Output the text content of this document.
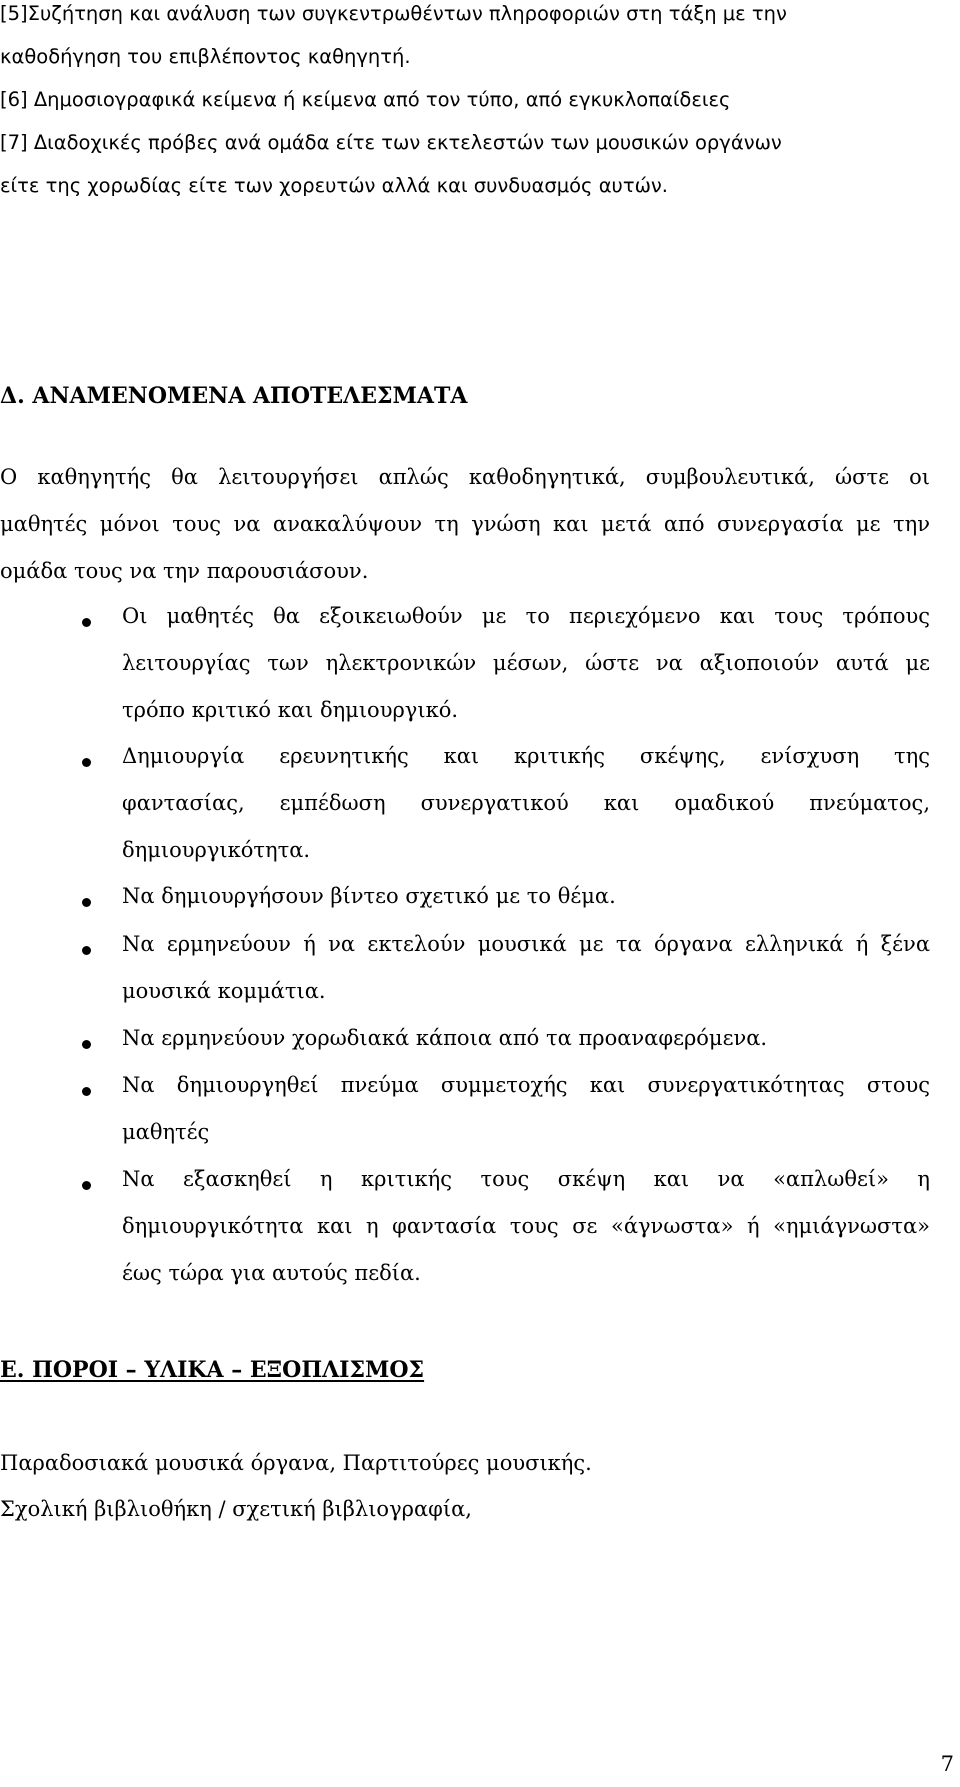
[5]Συζήτηση και ανάλυση των συγκεντρωθέντων πληροφοριών στη τάξη με την
καθοδήγηση του επιβλέποντος καθηγητή.
[6] Δημοσιογραφικά κείμενα ή κείμενα από τον τύπο, από εγκυκλοπαίδειες
[7] Διαδοχικές πρόβες ανά ομάδα είτε των εκτελεστών των μουσικών οργάνων
είτε της χορωδίας είτε των χορευτών αλλά και συνδυασμός αυτών.
Δ. ΑΝΑΜΕΝΟΜΕΝΑ ΑΠΟΤΕΛΕΣΜΑΤΑ
Ο καθηγητής θα λειτουργήσει απλώς καθοδηγητικά, συμβουλευτικά, ώστε οι
μαθητές μόνοι τους να ανακαλύψουν τη γνώση και μετά από συνεργασία με την
ομάδα τους να την παρουσιάσουν.
Οι μαθητές θα εξοικειωθούν με το περιεχόμενο και τους τρόπους
λειτουργίας των ηλεκτρονικών μέσων, ώστε να αξιοποιούν αυτά με
τρόπο κριτικό και δημιουργικό.
Δημιουργία ερευνητικής και κριτικής σκέψης, ενίσχυση της
φαντασίας, εμπέδωση συνεργατικού και ομαδικού πνεύματος,
δημιουργικότητα.
Να δημιουργήσουν βίντεο σχετικό με το θέμα.
Να ερμηνεύουν ή να εκτελούν μουσικά με τα όργανα ελληνικά ή ξένα
μουσικά κομμάτια.
Να ερμηνεύουν χορωδιακά κάποια από τα προαναφερόμενα.
Να δημιουργηθεί πνεύμα συμμετοχής και συνεργατικότητας στους
μαθητές
Να εξασκηθεί η κριτικής τους σκέψη και να «απλωθεί» η
δημιουργικότητα και η φαντασία τους σε «άγνωστα» ή «ημιάγνωστα»
έως τώρα για αυτούς πεδία.
Ε. ΠΟΡΟΙ – ΥΛΙΚΑ – ΕΞΟΠΛΙΣΜΟΣ
Παραδοσιακά μουσικά όργανα, Παρτιτούρες μουσικής.
Σχολική βιβλιοθήκη / σχετική βιβλιογραφία,
7
